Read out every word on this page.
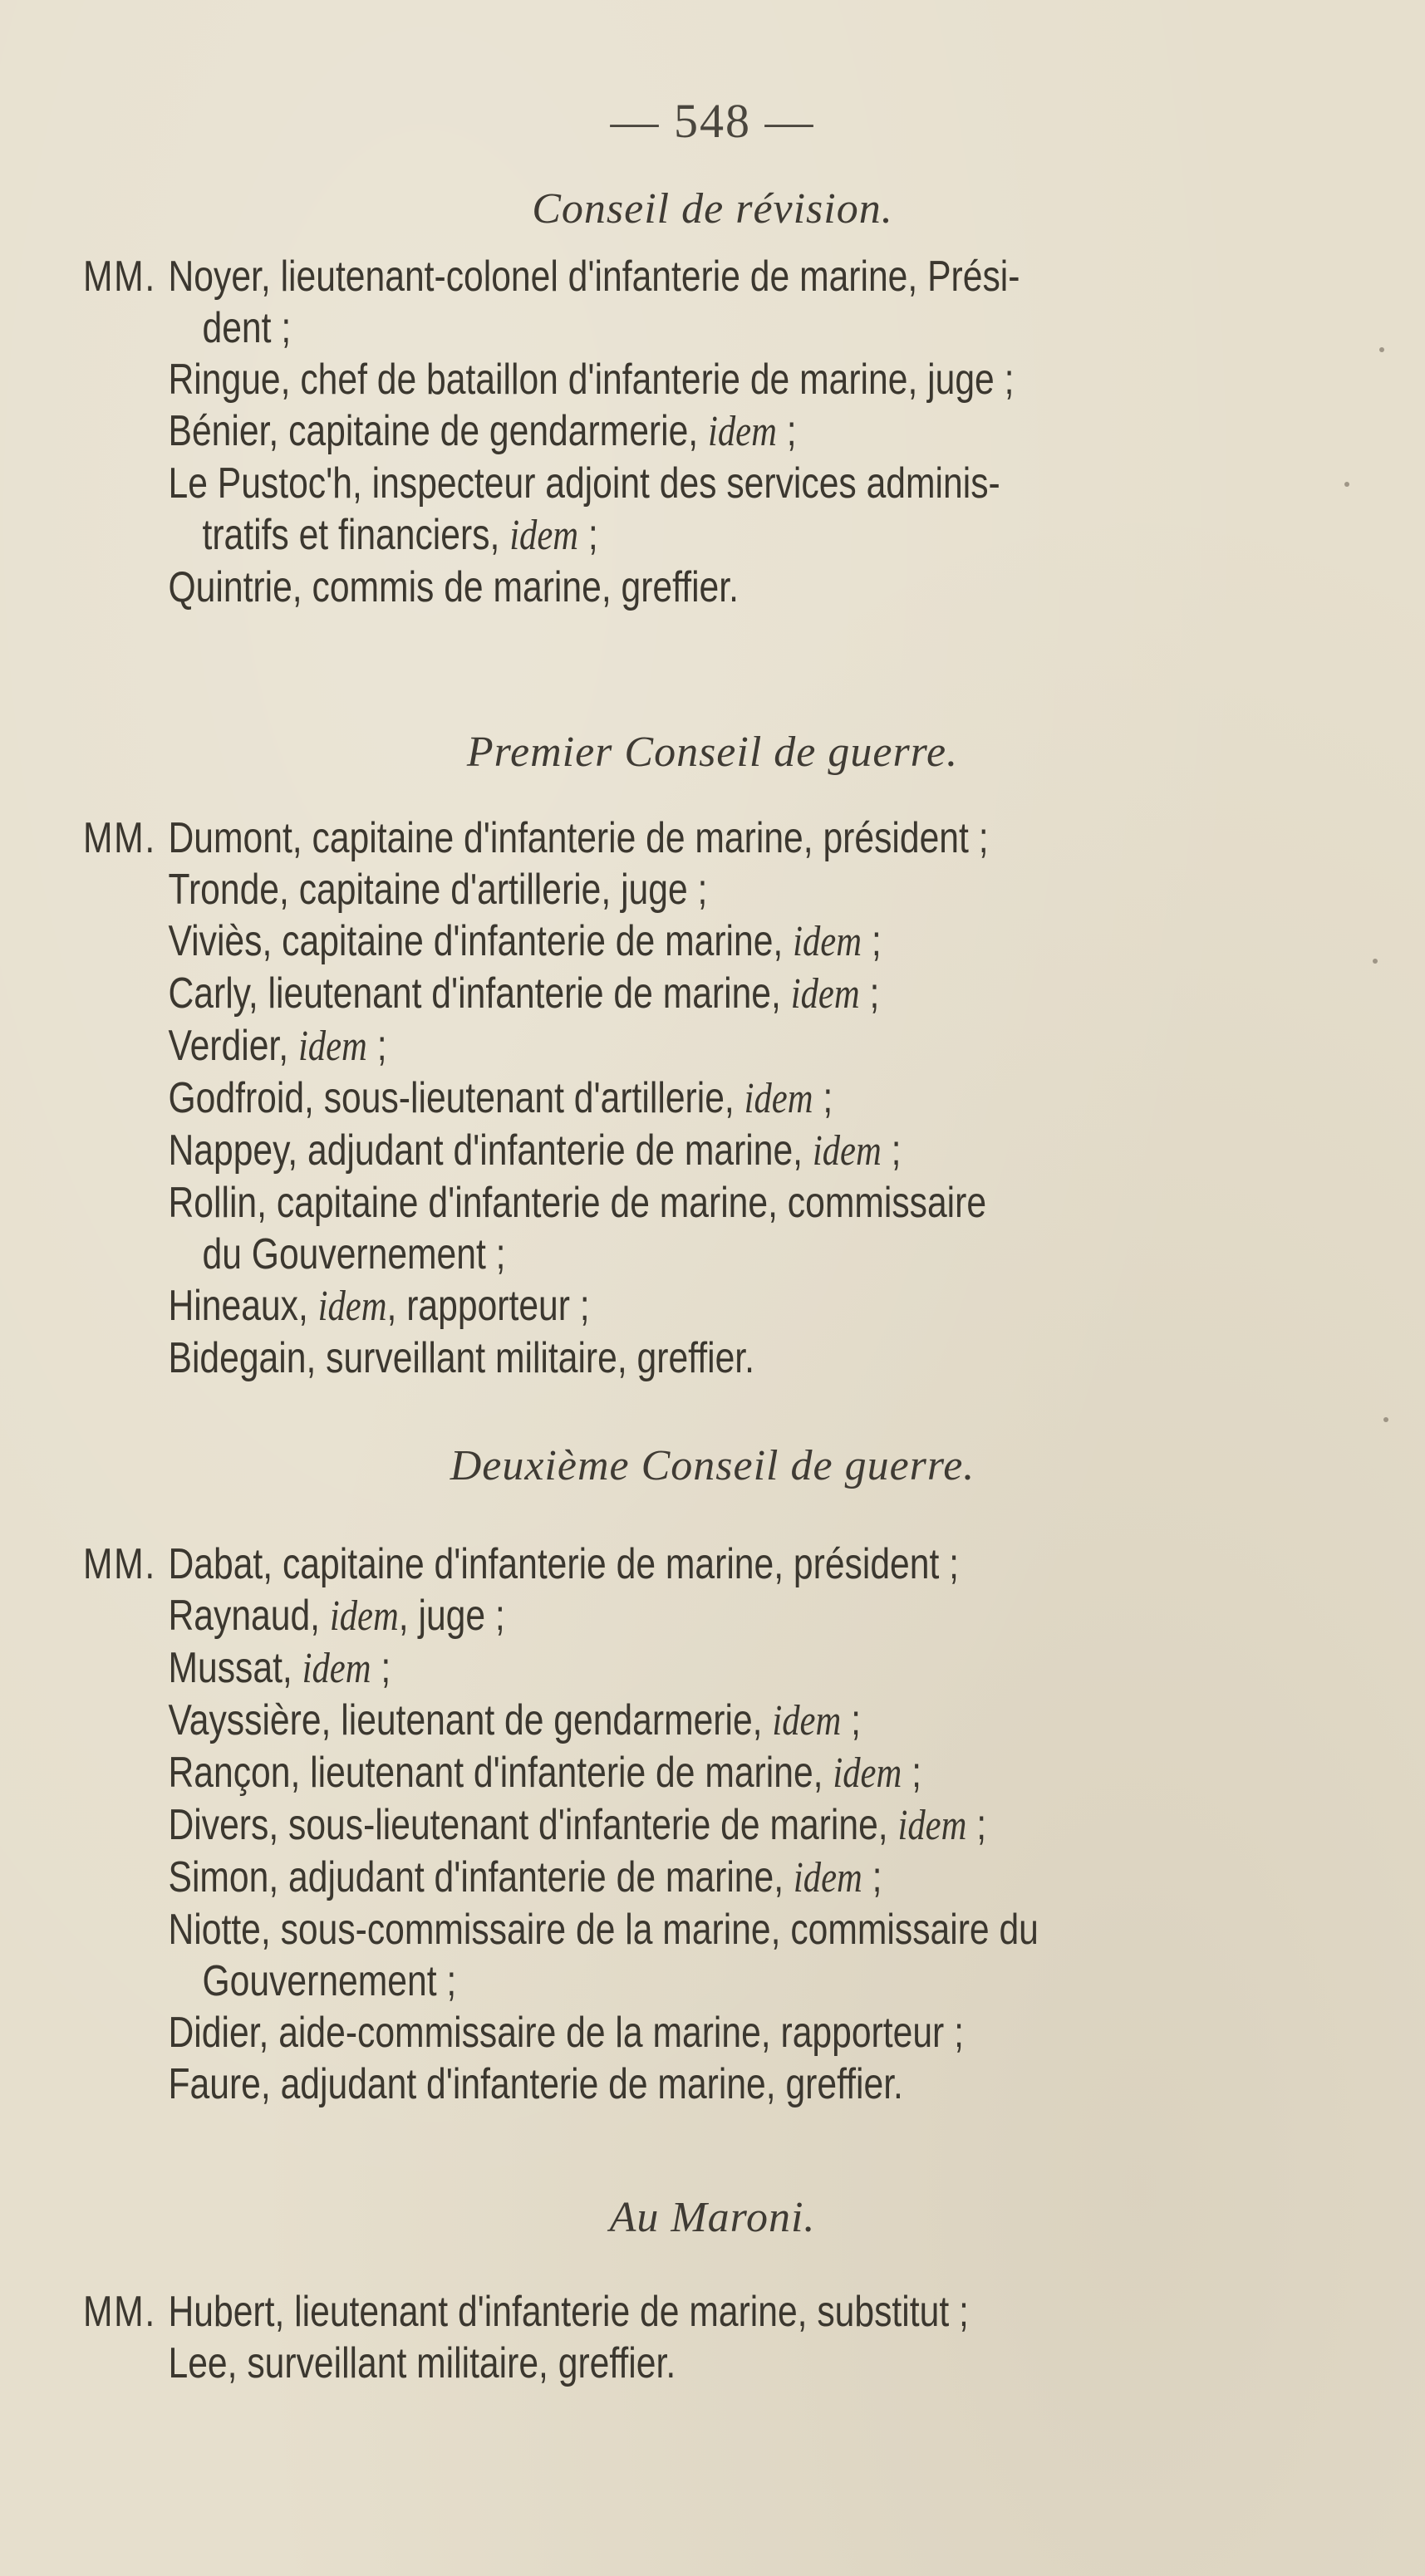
— 548 —
Conseil de révision.
MM. Noyer, lieutenant-colonel d'infanterie de marine, Prési-
dent ;
Ringue, chef de bataillon d'infanterie de marine, juge ;
Bénier, capitaine de gendarmerie, idem ;
Le Pustoc'h, inspecteur adjoint des services adminis-
tratifs et financiers, idem ;
Quintrie, commis de marine, greffier.
Premier Conseil de guerre.
MM. Dumont, capitaine d'infanterie de marine, président ;
Tronde, capitaine d'artillerie, juge ;
Viviès, capitaine d'infanterie de marine, idem ;
Carly, lieutenant d'infanterie de marine, idem ;
Verdier, idem ;
Godfroid, sous-lieutenant d'artillerie, idem ;
Nappey, adjudant d'infanterie de marine, idem ;
Rollin, capitaine d'infanterie de marine, commissaire
du Gouvernement ;
Hineaux, idem, rapporteur ;
Bidegain, surveillant militaire, greffier.
Deuxième Conseil de guerre.
MM. Dabat, capitaine d'infanterie de marine, président ;
Raynaud, idem, juge ;
Mussat, idem ;
Vayssière, lieutenant de gendarmerie, idem ;
Rançon, lieutenant d'infanterie de marine, idem ;
Divers, sous-lieutenant d'infanterie de marine, idem ;
Simon, adjudant d'infanterie de marine, idem ;
Niotte, sous-commissaire de la marine, commissaire du
Gouvernement ;
Didier, aide-commissaire de la marine, rapporteur ;
Faure, adjudant d'infanterie de marine, greffier.
Au Maroni.
MM. Hubert, lieutenant d'infanterie de marine, substitut ;
Lee, surveillant militaire, greffier.
